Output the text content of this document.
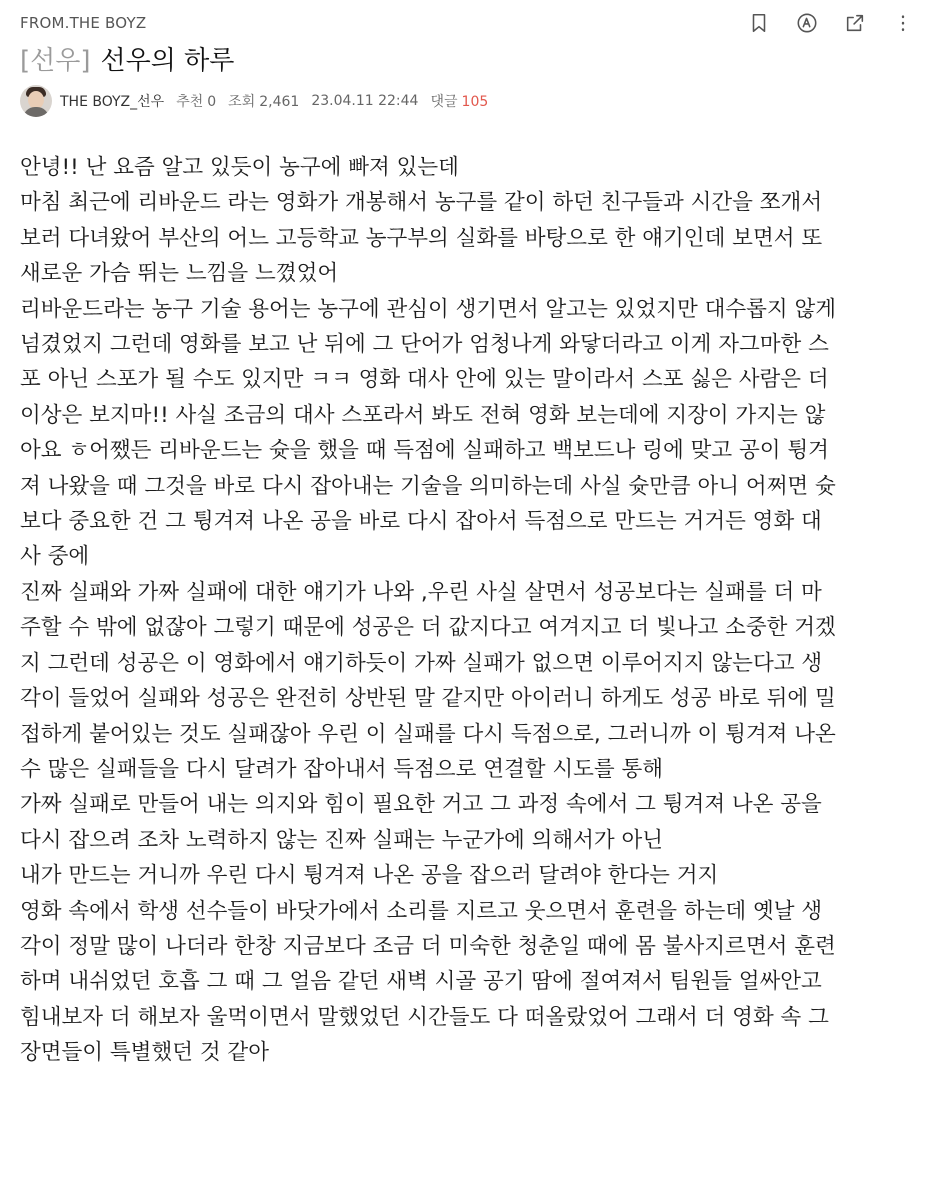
FROM.THE BOYZ
[선우] 선우의 하루
THE BOYZ_선우 추천 0 조회 2,461 23.04.11 22:44 댓글 105
안녕!! 난 요즘 알고 있듯이 농구에 빠져 있는데
마침 최근에 리바운드 라는 영화가 개봉해서 농구를 같이 하던 친구들과 시간을 쪼개서
보러 다녀왔어 부산의 어느 고등학교 농구부의 실화를 바탕으로 한 얘기인데 보면서 또
새로운 가슴 뛰는 느낌을 느꼈었어
리바운드라는 농구 기술 용어는 농구에 관심이 생기면서 알고는 있었지만 대수롭지 않게
넘겼었지 그런데 영화를 보고 난 뒤에 그 단어가 엄청나게 와닿더라고 이게 자그마한 스
포 아닌 스포가 될 수도 있지만 ㅋㅋ 영화 대사 안에 있는 말이라서 스포 싫은 사람은 더
이상은 보지마!! 사실 조금의 대사 스포라서 봐도 전혀 영화 보는데에 지장이 가지는 않
아요 ㅎ어쨌든 리바운드는 슛을 했을 때 득점에 실패하고 백보드나 링에 맞고 공이 튕겨
져 나왔을 때 그것을 바로 다시 잡아내는 기술을 의미하는데 사실 슛만큼 아니 어쩌면 슛
보다 중요한 건 그 튕겨져 나온 공을 바로 다시 잡아서 득점으로 만드는 거거든 영화 대
사 중에
진짜 실패와 가짜 실패에 대한 얘기가 나와 ,우린 사실 살면서 성공보다는 실패를 더 마
주할 수 밖에 없잖아 그렇기 때문에 성공은 더 값지다고 여겨지고 더 빛나고 소중한 거겠
지 그런데 성공은 이 영화에서 얘기하듯이 가짜 실패가 없으면 이루어지지 않는다고 생
각이 들었어 실패와 성공은 완전히 상반된 말 같지만 아이러니 하게도 성공 바로 뒤에 밀
접하게 붙어있는 것도 실패잖아 우린 이 실패를 다시 득점으로, 그러니까 이 튕겨져 나온
수 많은 실패들을 다시 달려가 잡아내서 득점으로 연결할 시도를 통해
가짜 실패로 만들어 내는 의지와 힘이 필요한 거고 그 과정 속에서 그 튕겨져 나온 공을
다시 잡으려 조차 노력하지 않는 진짜 실패는 누군가에 의해서가 아닌
내가 만드는 거니까 우린 다시 튕겨져 나온 공을 잡으러 달려야 한다는 거지
영화 속에서 학생 선수들이 바닷가에서 소리를 지르고 웃으면서 훈련을 하는데 옛날 생
각이 정말 많이 나더라 한창 지금보다 조금 더 미숙한 청춘일 때에 몸 불사지르면서 훈련
하며 내쉬었던 호흡 그 때 그 얼음 같던 새벽 시골 공기 땀에 절여져서 팀원들 얼싸안고
힘내보자 더 해보자 울먹이면서 말했었던 시간들도 다 떠올랐었어 그래서 더 영화 속 그
장면들이 특별했던 것 같아
